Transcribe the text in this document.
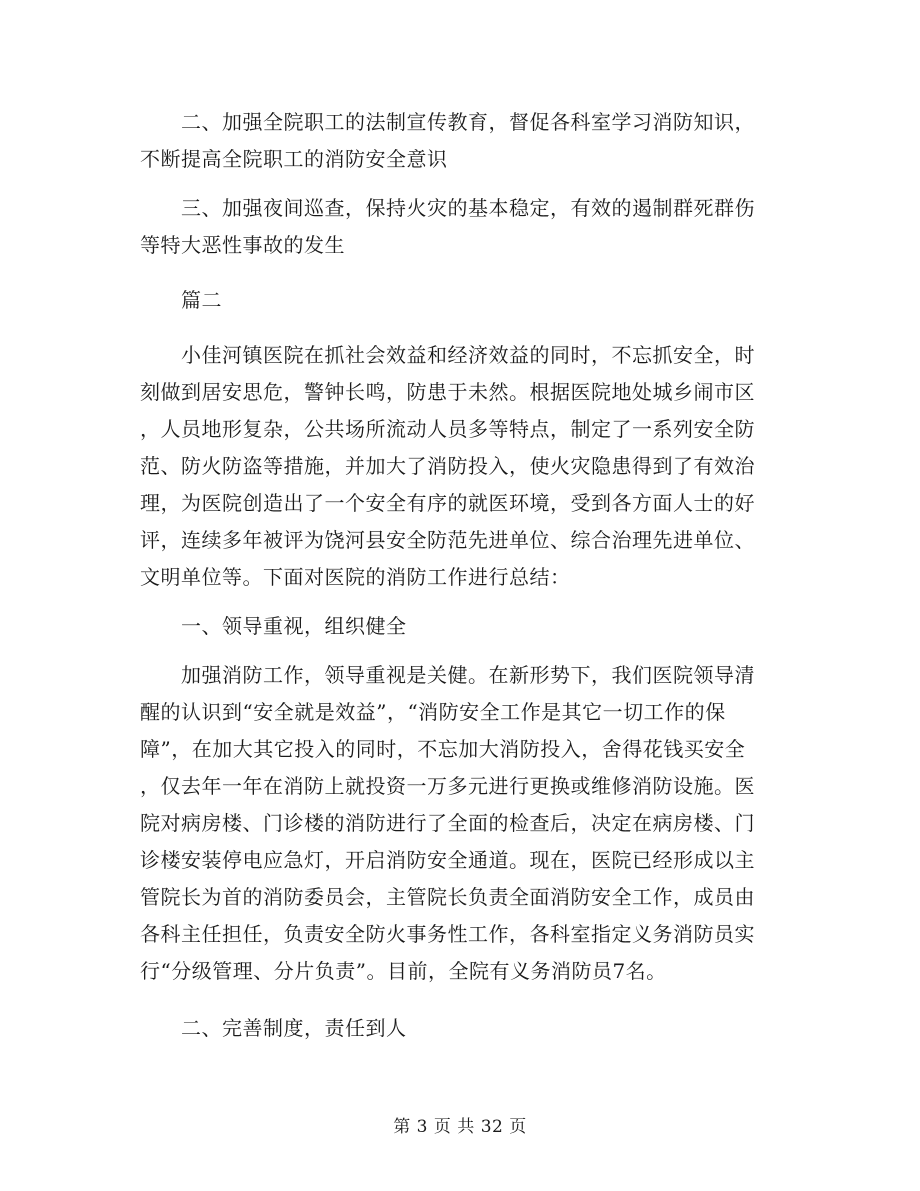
　　二、加强全院职工的法制宣传教育，督促各科室学习消防知识，
不断提高全院职工的消防安全意识
　　三、加强夜间巡查，保持火灾的基本稳定，有效的遏制群死群伤
等特大恶性事故的发生
　　篇二
　　小佳河镇医院在抓社会效益和经济效益的同时，不忘抓安全，时
刻做到居安思危，警钟长鸣，防患于未然。根据医院地处城乡闹市区
，人员地形复杂，公共场所流动人员多等特点，制定了一系列安全防
范、防火防盗等措施，并加大了消防投入，使火灾隐患得到了有效治
理，为医院创造出了一个安全有序的就医环境，受到各方面人士的好
评，连续多年被评为饶河县安全防范先进单位、综合治理先进单位、
文明单位等。下面对医院的消防工作进行总结：
　　一、领导重视，组织健全
　　加强消防工作，领导重视是关健。在新形势下，我们医院领导清
醒的认识到“安全就是效益”，“消防安全工作是其它一切工作的保
障”，在加大其它投入的同时，不忘加大消防投入，舍得花钱买安全
，仅去年一年在消防上就投资一万多元进行更换或维修消防设施。医
院对病房楼、门诊楼的消防进行了全面的检查后，决定在病房楼、门
诊楼安装停电应急灯，开启消防安全通道。现在，医院已经形成以主
管院长为首的消防委员会，主管院长负责全面消防安全工作，成员由
各科主任担任，负责安全防火事务性工作，各科室指定义务消防员实
行“分级管理、分片负责”。目前，全院有义务消防员7名。
　　二、完善制度，责任到人
第 3 页 共 32 页
